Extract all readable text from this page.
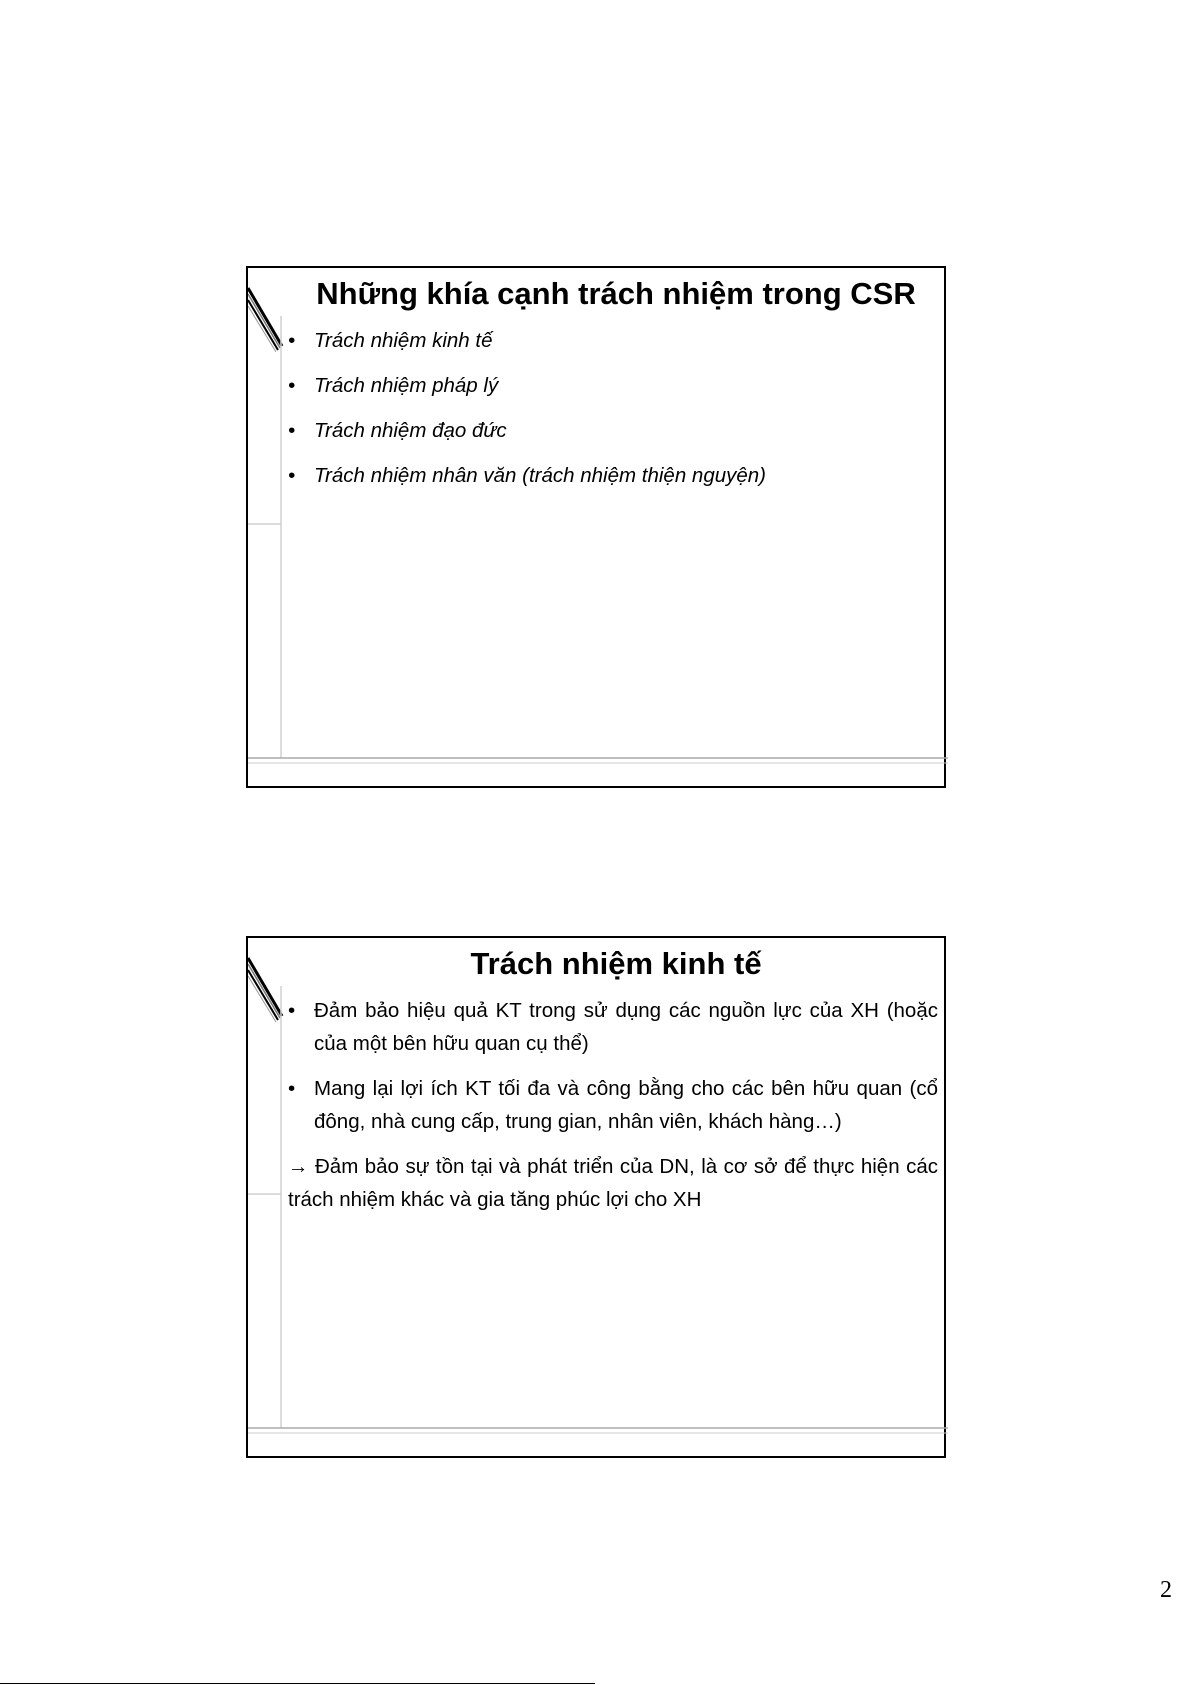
Những khía cạnh trách nhiệm trong CSR
• Trách nhiệm kinh tế
• Trách nhiệm pháp lý
• Trách nhiệm đạo đức
• Trách nhiệm nhân văn (trách nhiệm thiện nguyện)
Trách nhiệm kinh tế
• Đảm bảo hiệu quả KT trong sử dụng các nguồn lực của XH (hoặc của một bên hữu quan cụ thể)
• Mang lại lợi ích KT tối đa và công bằng cho các bên hữu quan (cổ đông, nhà cung cấp, trung gian, nhân viên, khách hàng…)

→ Đảm bảo sự tồn tại và phát triển của DN, là cơ sở để thực hiện các trách nhiệm khác và gia tăng phúc lợi cho XH

2
